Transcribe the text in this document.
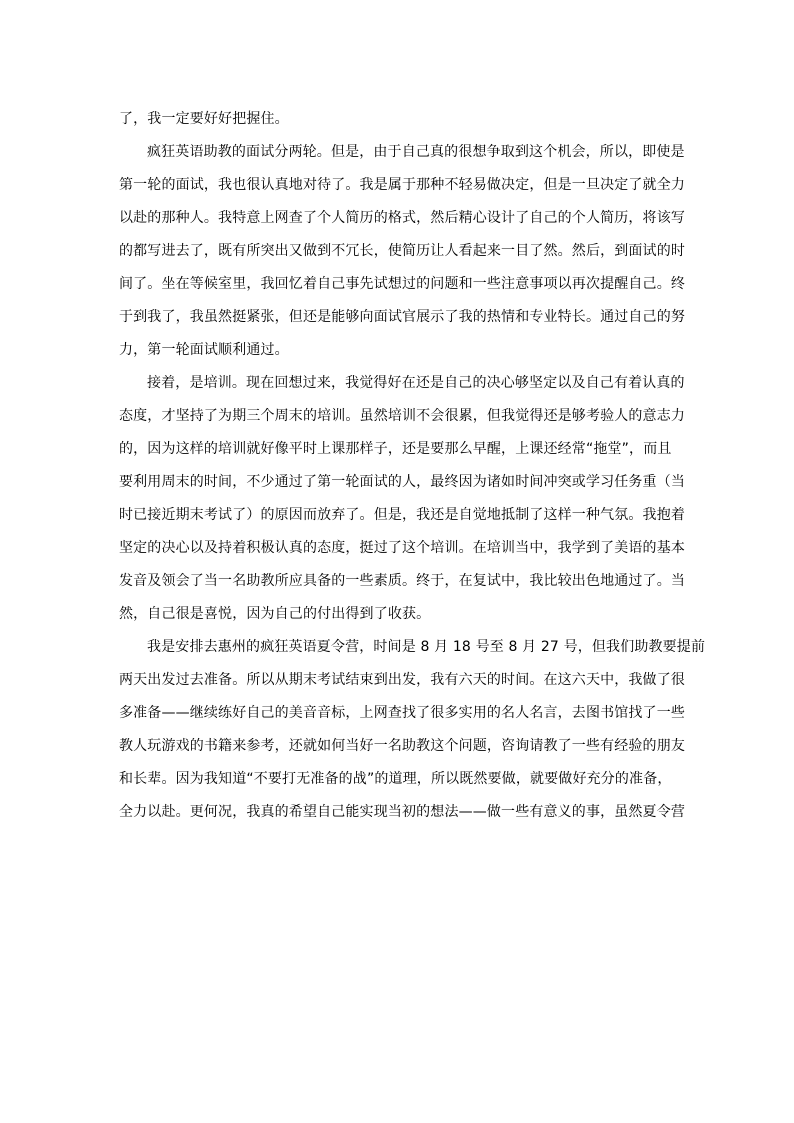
了，我一定要好好把握住。
疯狂英语助教的面试分两轮。但是，由于自己真的很想争取到这个机会，所以，即使是
第一轮的面试，我也很认真地对待了。我是属于那种不轻易做决定，但是一旦决定了就全力
以赴的那种人。我特意上网查了个人简历的格式，然后精心设计了自己的个人简历，将该写
的都写进去了，既有所突出又做到不冗长，使简历让人看起来一目了然。然后，到面试的时
间了。坐在等候室里，我回忆着自己事先试想过的问题和一些注意事项以再次提醒自己。终
于到我了，我虽然挺紧张，但还是能够向面试官展示了我的热情和专业特长。通过自己的努
力，第一轮面试顺利通过。
接着，是培训。现在回想过来，我觉得好在还是自己的决心够坚定以及自己有着认真的
态度，才坚持了为期三个周末的培训。虽然培训不会很累，但我觉得还是够考验人的意志力
的，因为这样的培训就好像平时上课那样子，还是要那么早醒，上课还经常“拖堂”，而且
要利用周末的时间，不少通过了第一轮面试的人，最终因为诸如时间冲突或学习任务重（当
时已接近期末考试了）的原因而放弃了。但是，我还是自觉地抵制了这样一种气氛。我抱着
坚定的决心以及持着积极认真的态度，挺过了这个培训。在培训当中，我学到了美语的基本
发音及领会了当一名助教所应具备的一些素质。终于，在复试中，我比较出色地通过了。当
然，自己很是喜悦，因为自己的付出得到了收获。
我是安排去惠州的疯狂英语夏令营，时间是 8 月 18 号至 8 月 27 号，但我们助教要提前
两天出发过去准备。所以从期末考试结束到出发，我有六天的时间。在这六天中，我做了很
多准备——继续练好自己的美音音标，上网查找了很多实用的名人名言，去图书馆找了一些
教人玩游戏的书籍来参考，还就如何当好一名助教这个问题，咨询请教了一些有经验的朋友
和长辈。因为我知道“不要打无准备的战”的道理，所以既然要做，就要做好充分的准备，
全力以赴。更何况，我真的希望自己能实现当初的想法——做一些有意义的事，虽然夏令营
